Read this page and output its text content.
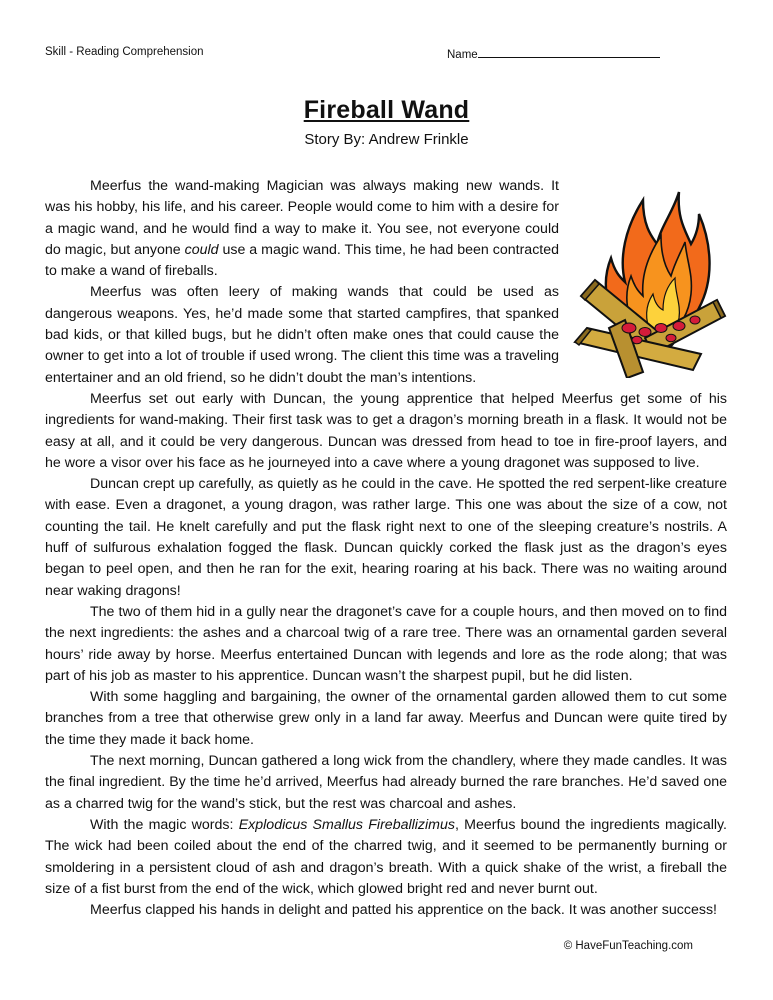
Skill - Reading Comprehension	Name
Fireball Wand
Story By: Andrew Frinkle

Meerfus the wand-making Magician was always making new wands. It was his hobby, his life, and his career. People would come to him with a desire for a magic wand, and he would find a way to make it. You see, not everyone could do magic, but anyone could use a magic wand. This time, he had been contracted to make a wand of fireballs.

Meerfus was often leery of making wands that could be used as dangerous weapons. Yes, he’d made some that started campfires, that spanked bad kids, or that killed bugs, but he didn’t often make ones that could cause the owner to get into a lot of trouble if used wrong. The client this time was a traveling entertainer and an old friend, so he didn’t doubt the man’s intentions.

Meerfus set out early with Duncan, the young apprentice that helped Meerfus get some of his ingredients for wand-making. Their first task was to get a dragon’s morning breath in a flask. It would not be easy at all, and it could be very dangerous. Duncan was dressed from head to toe in fire-proof layers, and he wore a visor over his face as he journeyed into a cave where a young dragonet was supposed to live.

Duncan crept up carefully, as quietly as he could in the cave. He spotted the red serpent-like creature with ease. Even a dragonet, a young dragon, was rather large. This one was about the size of a cow, not counting the tail. He knelt carefully and put the flask right next to one of the sleeping creature’s nostrils. A huff of sulfurous exhalation fogged the flask. Duncan quickly corked the flask just as the dragon’s eyes began to peel open, and then he ran for the exit, hearing roaring at his back. There was no waiting around near waking dragons!

The two of them hid in a gully near the dragonet’s cave for a couple hours, and then moved on to find the next ingredients: the ashes and a charcoal twig of a rare tree. There was an ornamental garden several hours’ ride away by horse. Meerfus entertained Duncan with legends and lore as the rode along; that was part of his job as master to his apprentice. Duncan wasn’t the sharpest pupil, but he did listen.

With some haggling and bargaining, the owner of the ornamental garden allowed them to cut some branches from a tree that otherwise grew only in a land far away. Meerfus and Duncan were quite tired by the time they made it back home.

The next morning, Duncan gathered a long wick from the chandlery, where they made candles. It was the final ingredient. By the time he’d arrived, Meerfus had already burned the rare branches. He’d saved one as a charred twig for the wand’s stick, but the rest was charcoal and ashes.

With the magic words: Explodicus Smallus Fireballizimus, Meerfus bound the ingredients magically. The wick had been coiled about the end of the charred twig, and it seemed to be permanently burning or smoldering in a persistent cloud of ash and dragon’s breath. With a quick shake of the wrist, a fireball the size of a fist burst from the end of the wick, which glowed bright red and never burnt out.

Meerfus clapped his hands in delight and patted his apprentice on the back. It was another success!

© HaveFunTeaching.com
